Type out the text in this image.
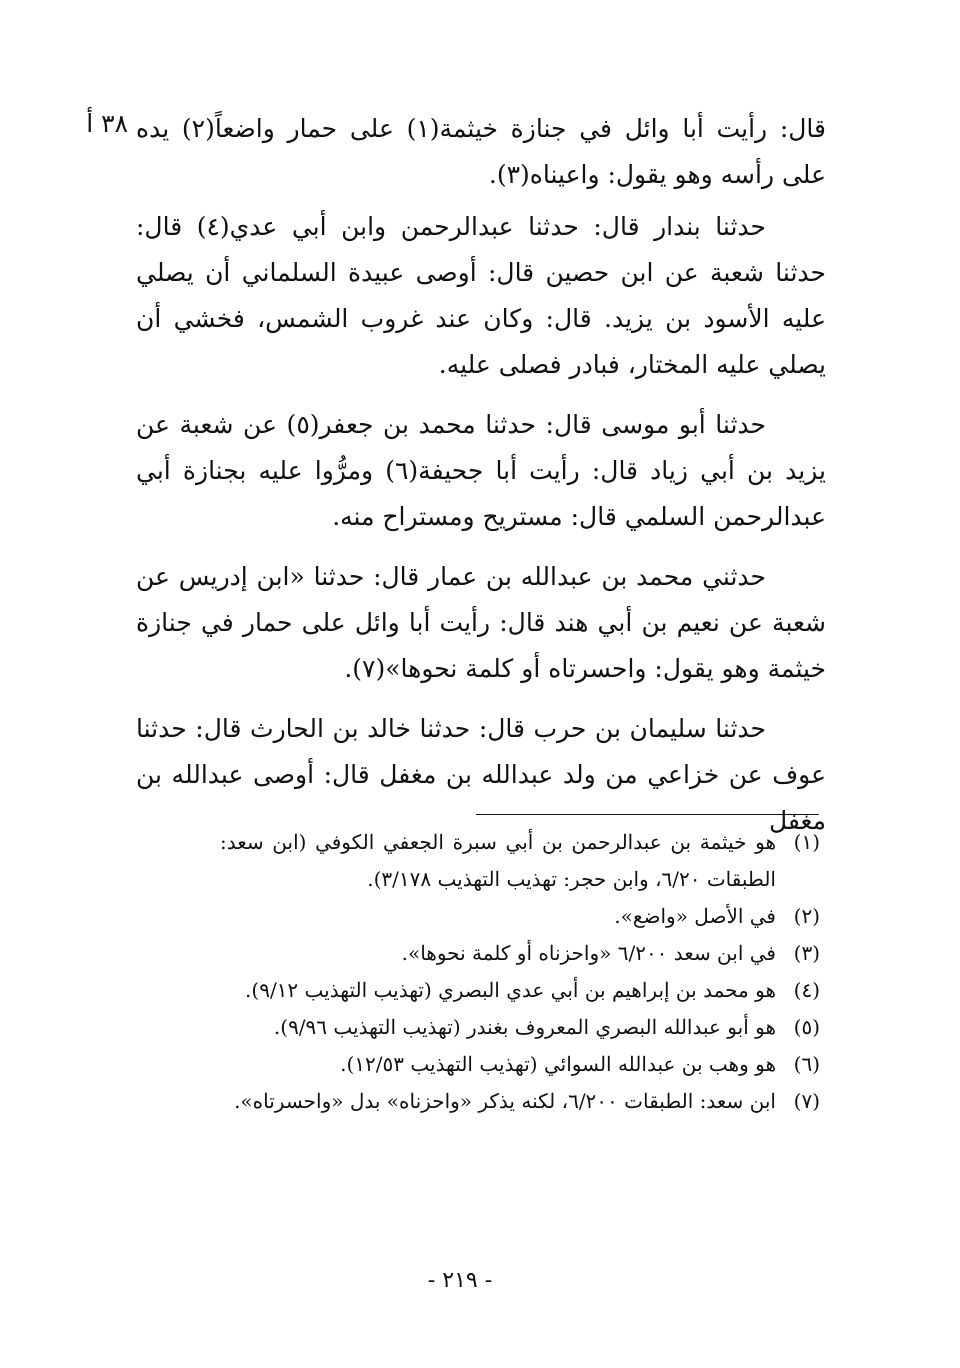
٣٨ أ قال: رأيت أبا وائل في جنازة خيثمة(١) على حمار واضعاً(٢) يده على رأسه وهو يقول: واعيناه(٣).

حدثنا بندار قال: حدثنا عبدالرحمن وابن أبي عدي(٤) قال: حدثنا شعبة عن ابن حصين قال: أوصى عبيدة السلماني أن يصلي عليه الأسود بن يزيد. قال: وكان عند غروب الشمس، فخشي أن يصلي عليه المختار، فبادر فصلى عليه.

حدثنا أبو موسى قال: حدثنا محمد بن جعفر(٥) عن شعبة عن يزيد بن أبي زياد قال: رأيت أبا جحيفة(٦) ومرُّوا عليه بجنازة أبي عبدالرحمن السلمي قال: مستريح ومستراح منه.

حدثني محمد بن عبدالله بن عمار قال: حدثنا «ابن إدريس عن شعبة عن نعيم بن أبي هند قال: رأيت أبا وائل على حمار في جنازة خيثمة وهو يقول: واحسرتاه أو كلمة نحوها»(٧).

حدثنا سليمان بن حرب قال: حدثنا خالد بن الحارث قال: حدثنا عوف عن خزاعي من ولد عبدالله بن مغفل قال: أوصى عبدالله بن مغفل

(١)
هو خيثمة بن عبدالرحمن بن أبي سبرة الجعفي الكوفي (ابن سعد: الطبقات ٦/٢٠، وابن حجر: تهذيب التهذيب ٣/١٧٨).
(٢)
في الأصل «واضع».
(٣)
في ابن سعد ٦/٢٠٠ «واحزناه أو كلمة نحوها».
(٤)
هو محمد بن إبراهيم بن أبي عدي البصري (تهذيب التهذيب ٩/١٢).
(٥)
هو أبو عبدالله البصري المعروف بغندر (تهذيب التهذيب ٩/٩٦).
(٦)
هو وهب بن عبدالله السوائي (تهذيب التهذيب ١٢/٥٣).
(٧)
ابن سعد: الطبقات ٦/٢٠٠، لكنه يذكر «واحزناه» بدل «واحسرتاه».
- ٢١٩ -
